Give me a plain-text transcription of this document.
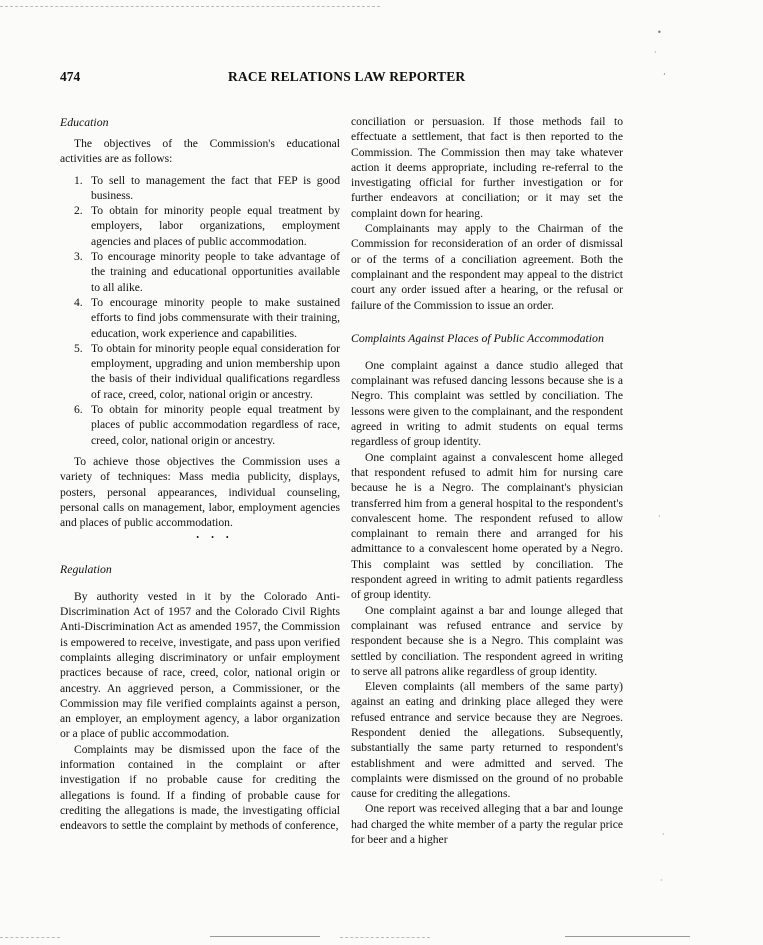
474	RACE RELATIONS LAW REPORTER
Education

The objectives of the Commission's educational activities are as follows:

1. To sell to management the fact that FEP is good business.
2. To obtain for minority people equal treatment by employers, labor organizations, employment agencies and places of public accommodation.
3. To encourage minority people to take advantage of the training and educational opportunities available to all alike.
4. To encourage minority people to make sustained efforts to find jobs commensurate with their training, education, work experience and capabilities.
5. To obtain for minority people equal consideration for employment, upgrading and union membership upon the basis of their individual qualifications regardless of race, creed, color, national origin or ancestry.
6. To obtain for minority people equal treatment by places of public accommodation regardless of race, creed, color, national origin or ancestry.

To achieve those objectives the Commission uses a variety of techniques: Mass media publicity, displays, posters, personal appearances, individual counseling, personal calls on management, labor, employment agencies and places of public accommodation.

• • •
Regulation

By authority vested in it by the Colorado Anti-Discrimination Act of 1957 and the Colorado Civil Rights Anti-Discrimination Act as amended 1957, the Commission is empowered to receive, investigate, and pass upon verified complaints alleging discriminatory or unfair employment practices because of race, creed, color, national origin or ancestry. An aggrieved person, a Commissioner, or the Commission may file verified complaints against a person, an employer, an employment agency, a labor organization or a place of public accommodation.

Complaints may be dismissed upon the face of the information contained in the complaint or after investigation if no probable cause for crediting the allegations is found. If a finding of probable cause for crediting the allegations is made, the investigating official endeavors to settle the complaint by methods of conference,

conciliation or persuasion. If those methods fail to effectuate a settlement, that fact is then reported to the Commission. The Commission then may take whatever action it deems appropriate, including re-referral to the investigating official for further investigation or for further endeavors at conciliation; or it may set the complaint down for hearing.

Complainants may apply to the Chairman of the Commission for reconsideration of an order of dismissal or of the terms of a conciliation agreement. Both the complainant and the respondent may appeal to the district court any order issued after a hearing, or the refusal or failure of the Commission to issue an order.

Complaints Against Places of Public Accommodation

One complaint against a dance studio alleged that complainant was refused dancing lessons because she is a Negro. This complaint was settled by conciliation. The lessons were given to the complainant, and the respondent agreed in writing to admit students on equal terms regardless of group identity.

One complaint against a convalescent home alleged that respondent refused to admit him for nursing care because he is a Negro. The complainant's physician transferred him from a general hospital to the respondent's convalescent home. The respondent refused to allow complainant to remain there and arranged for his admittance to a convalescent home operated by a Negro. This complaint was settled by conciliation. The respondent agreed in writing to admit patients regardless of group identity.

One complaint against a bar and lounge alleged that complainant was refused entrance and service by respondent because she is a Negro. This complaint was settled by conciliation. The respondent agreed in writing to serve all patrons alike regardless of group identity.

Eleven complaints (all members of the same party) against an eating and drinking place alleged they were refused entrance and service because they are Negroes. Respondent denied the allegations. Subsequently, substantially the same party returned to respondent's establishment and were admitted and served. The complaints were dismissed on the ground of no probable cause for crediting the allegations.

One report was received alleging that a bar and lounge had charged the white member of a party the regular price for beer and a higher

•
·
‘
·
·
·
